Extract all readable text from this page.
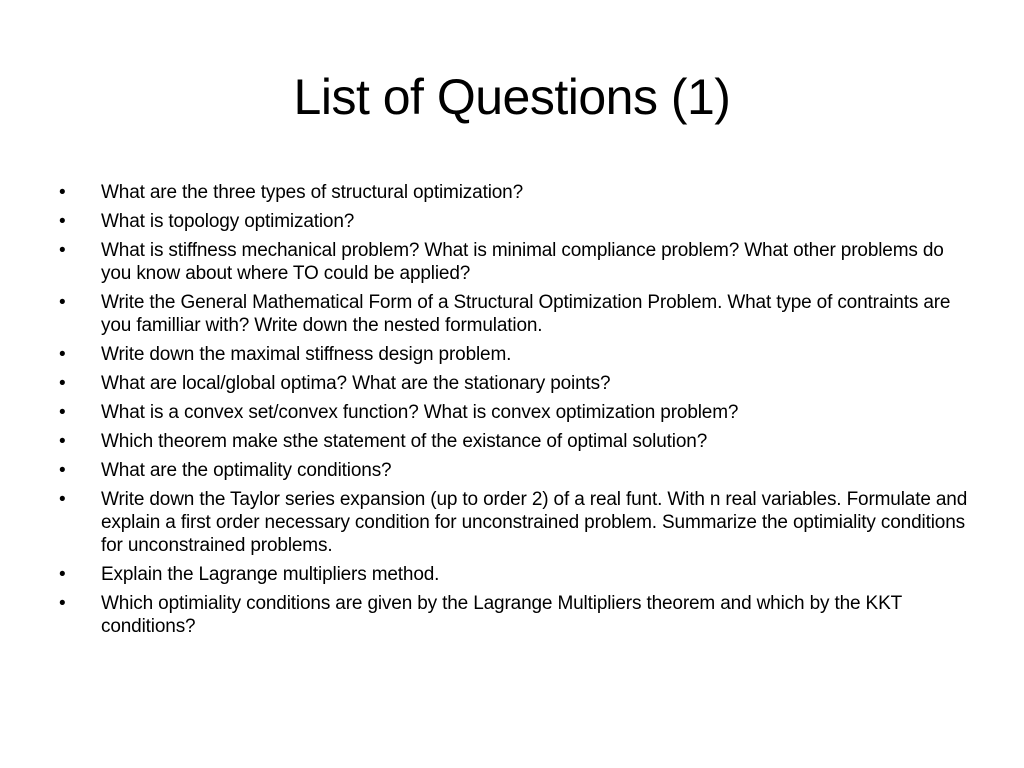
List of Questions (1)
• What are the three types of structural optimization?
• What is topology optimization?
• What is stiffness mechanical problem? What is minimal compliance problem? What other problems do you know about where TO could be applied?
• Write the General Mathematical Form of a Structural Optimization Problem. What type of contraints are you familliar with? Write down the nested formulation.
• Write down the maximal stiffness design problem.
• What are local/global optima? What are the stationary points?
• What is a convex set/convex function? What is convex optimization problem?
• Which theorem make sthe statement of the existance of optimal solution?
• What are the optimality conditions?
• Write down the Taylor series expansion (up to order 2) of a real funt. With n real variables. Formulate and explain a first order necessary condition for unconstrained problem. Summarize the optimiality conditions for unconstrained problems.
• Explain the Lagrange multipliers method.
• Which optimiality conditions are given by the Lagrange Multipliers theorem and which by the KKT conditions?
